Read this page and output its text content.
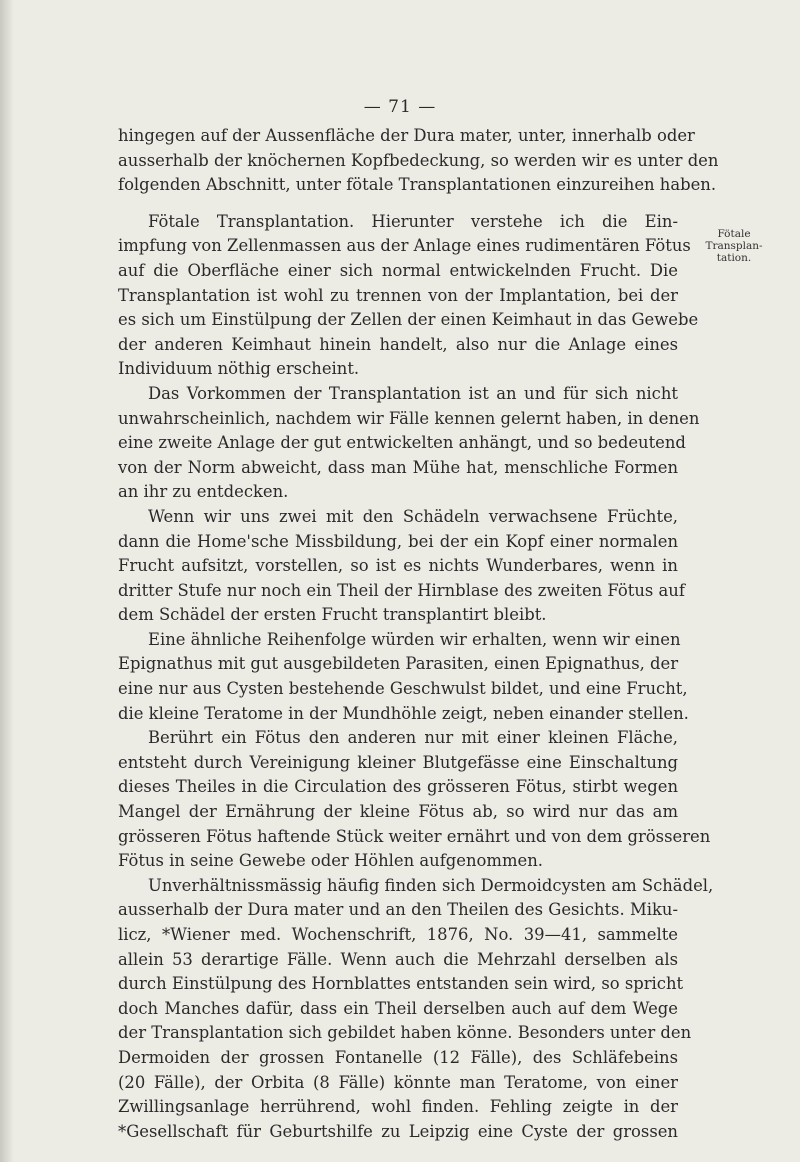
— 71 —
hingegen auf der Aussenfläche der Dura mater, unter, innerhalb oder
ausserhalb der knöchernen Kopfbedeckung, so werden wir es unter den
folgenden Abschnitt, unter fötale Transplantationen einzureihen haben.
Fötale Transplantation. Hierunter verstehe ich die Ein-
impfung von Zellenmassen aus der Anlage eines rudimentären Fötus
auf die Oberfläche einer sich normal entwickelnden Frucht. Die
Transplantation ist wohl zu trennen von der Implantation, bei der
es sich um Einstülpung der Zellen der einen Keimhaut in das Gewebe
der anderen Keimhaut hinein handelt, also nur die Anlage eines
Individuum nöthig erscheint.
Das Vorkommen der Transplantation ist an und für sich nicht
unwahrscheinlich, nachdem wir Fälle kennen gelernt haben, in denen
eine zweite Anlage der gut entwickelten anhängt, und so bedeutend
von der Norm abweicht, dass man Mühe hat, menschliche Formen
an ihr zu entdecken.
Wenn wir uns zwei mit den Schädeln verwachsene Früchte,
dann die Home'sche Missbildung, bei der ein Kopf einer normalen
Frucht aufsitzt, vorstellen, so ist es nichts Wunderbares, wenn in
dritter Stufe nur noch ein Theil der Hirnblase des zweiten Fötus auf
dem Schädel der ersten Frucht transplantirt bleibt.
Eine ähnliche Reihenfolge würden wir erhalten, wenn wir einen
Epignathus mit gut ausgebildeten Parasiten, einen Epignathus, der
eine nur aus Cysten bestehende Geschwulst bildet, und eine Frucht,
die kleine Teratome in der Mundhöhle zeigt, neben einander stellen.
Berührt ein Fötus den anderen nur mit einer kleinen Fläche,
entsteht durch Vereinigung kleiner Blutgefässe eine Einschaltung
dieses Theiles in die Circulation des grösseren Fötus, stirbt wegen
Mangel der Ernährung der kleine Fötus ab, so wird nur das am
grösseren Fötus haftende Stück weiter ernährt und von dem grösseren
Fötus in seine Gewebe oder Höhlen aufgenommen.
Unverhältnissmässig häufig finden sich Dermoidcysten am Schädel,
ausserhalb der Dura mater und an den Theilen des Gesichts. Miku-
licz, *Wiener med. Wochenschrift, 1876, No. 39—41, sammelte
allein 53 derartige Fälle. Wenn auch die Mehrzahl derselben als
durch Einstülpung des Hornblattes entstanden sein wird, so spricht
doch Manches dafür, dass ein Theil derselben auch auf dem Wege
der Transplantation sich gebildet haben könne. Besonders unter den
Dermoiden der grossen Fontanelle (12 Fälle), des Schläfebeins
(20 Fälle), der Orbita (8 Fälle) könnte man Teratome, von einer
Zwillingsanlage herrührend, wohl finden. Fehling zeigte in der
*Gesellschaft für Geburtshilfe zu Leipzig eine Cyste der grossen
Fötale
Transplan-
tation.
